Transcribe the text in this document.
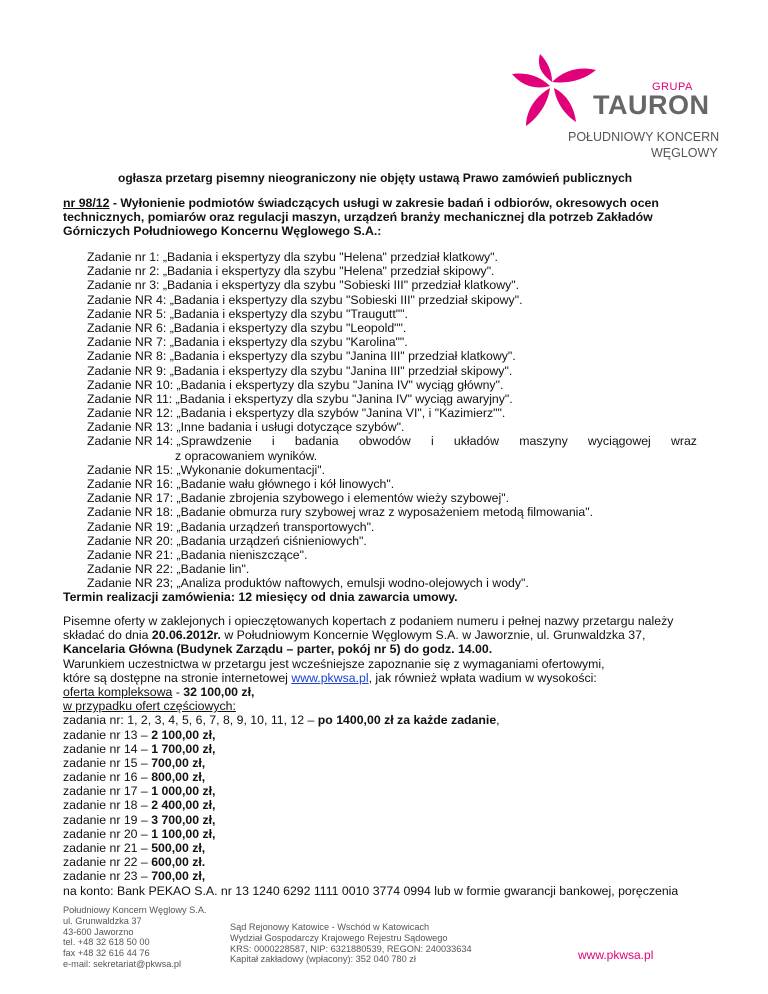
GRUPA
TAURON
POŁUDNIOWY KONCERN
WĘGLOWY
ogłasza przetarg pisemny nieograniczony nie objęty ustawą Prawo zamówień publicznych
nr 98/12 - Wyłonienie podmiotów świadczących usługi w zakresie badań i odbiorów, okresowych ocen technicznych, pomiarów oraz regulacji maszyn, urządzeń branży mechanicznej dla potrzeb Zakładów Górniczych Południowego Koncernu Węglowego S.A.:
Zadanie nr 1: „Badania i ekspertyzy dla szybu "Helena" przedział klatkowy".
Zadanie nr 2: „Badania i ekspertyzy dla szybu "Helena" przedział skipowy".
Zadanie nr 3: „Badania i ekspertyzy dla szybu "Sobieski III" przedział klatkowy".
Zadanie NR 4: „Badania i ekspertyzy dla szybu "Sobieski III" przedział skipowy".
Zadanie NR 5: „Badania i ekspertyzy dla szybu "Traugutt"".
Zadanie NR 6: „Badania i ekspertyzy dla szybu "Leopold"".
Zadanie NR 7: „Badania i ekspertyzy dla szybu "Karolina"".
Zadanie NR 8: „Badania i ekspertyzy dla szybu "Janina III" przedział klatkowy".
Zadanie NR 9: „Badania i ekspertyzy dla szybu "Janina III" przedział skipowy".
Zadanie NR 10: „Badania i ekspertyzy dla szybu "Janina IV" wyciąg główny".
Zadanie NR 11: „Badania i ekspertyzy dla szybu "Janina IV" wyciąg awaryjny".
Zadanie NR 12: „Badania i ekspertyzy dla szybów "Janina VI", i "Kazimierz"".
Zadanie NR 13: „Inne badania i usługi dotyczące szybów".
Zadanie NR 14: „Sprawdzenie i badania obwodów i układów maszyny wyciągowej wraz
z opracowaniem wyników.
Zadanie NR 15: „Wykonanie dokumentacji".
Zadanie NR 16: „Badanie wału głównego i kół linowych".
Zadanie NR 17: „Badanie zbrojenia szybowego i elementów wieży szybowej".
Zadanie NR 18: „Badanie obmurza rury szybowej wraz z wyposażeniem metodą filmowania".
Zadanie NR 19: „Badania urządzeń transportowych".
Zadanie NR 20: „Badania urządzeń ciśnieniowych".
Zadanie NR 21: „Badania nieniszczące".
Zadanie NR 22: „Badanie lin".
Zadanie NR 23; „Analiza produktów naftowych, emulsji wodno-olejowych i wody".
Termin realizacji zamówienia: 12 miesięcy od dnia zawarcia umowy.
Pisemne oferty w zaklejonych i opieczętowanych kopertach z podaniem numeru i pełnej nazwy przetargu należy
składać do dnia 20.06.2012r. w Południowym Koncernie Węglowym S.A. w Jaworznie, ul. Grunwaldzka 37,
Kancelaria Główna (Budynek Zarządu – parter, pokój nr 5) do godz. 14.00.
Warunkiem uczestnictwa w przetargu jest wcześniejsze zapoznanie się z wymaganiami ofertowymi,
które są dostępne na stronie internetowej www.pkwsa.pl, jak również wpłata wadium w wysokości:
oferta kompleksowa - 32 100,00 zł,
w przypadku ofert częściowych:
zadania nr: 1, 2, 3, 4, 5, 6, 7, 8, 9, 10, 11, 12 – po 1400,00 zł za każde zadanie,
zadanie nr 13 – 2 100,00 zł,
zadanie nr 14 – 1 700,00 zł,
zadanie nr 15 – 700,00 zł,
zadanie nr 16 – 800,00 zł,
zadanie nr 17 – 1 000,00 zł,
zadanie nr 18 – 2 400,00 zł,
zadanie nr 19 – 3 700,00 zł,
zadanie nr 20 – 1 100,00 zł,
zadanie nr 21 – 500,00 zł,
zadanie nr 22 – 600,00 zł.
zadanie nr 23 – 700,00 zł,
na konto: Bank PEKAO S.A. nr 13 1240 6292 1111 0010 3774 0994 lub w formie gwarancji bankowej, poręczenia
Południowy Koncern Węglowy S.A.
ul. Grunwaldzka 37
43-600 Jaworzno
tel. +48 32 618 50 00
fax +48 32 616 44 76
e-mail: sekretariat@pkwsa.pl
Sąd Rejonowy Katowice - Wschód w Katowicach
Wydział Gospodarczy Krajowego Rejestru Sądowego
KRS: 0000228587, NIP: 6321880539, REGON: 240033634
Kapitał zakładowy (wpłacony): 352 040 780 zł	www.pkwsa.pl
